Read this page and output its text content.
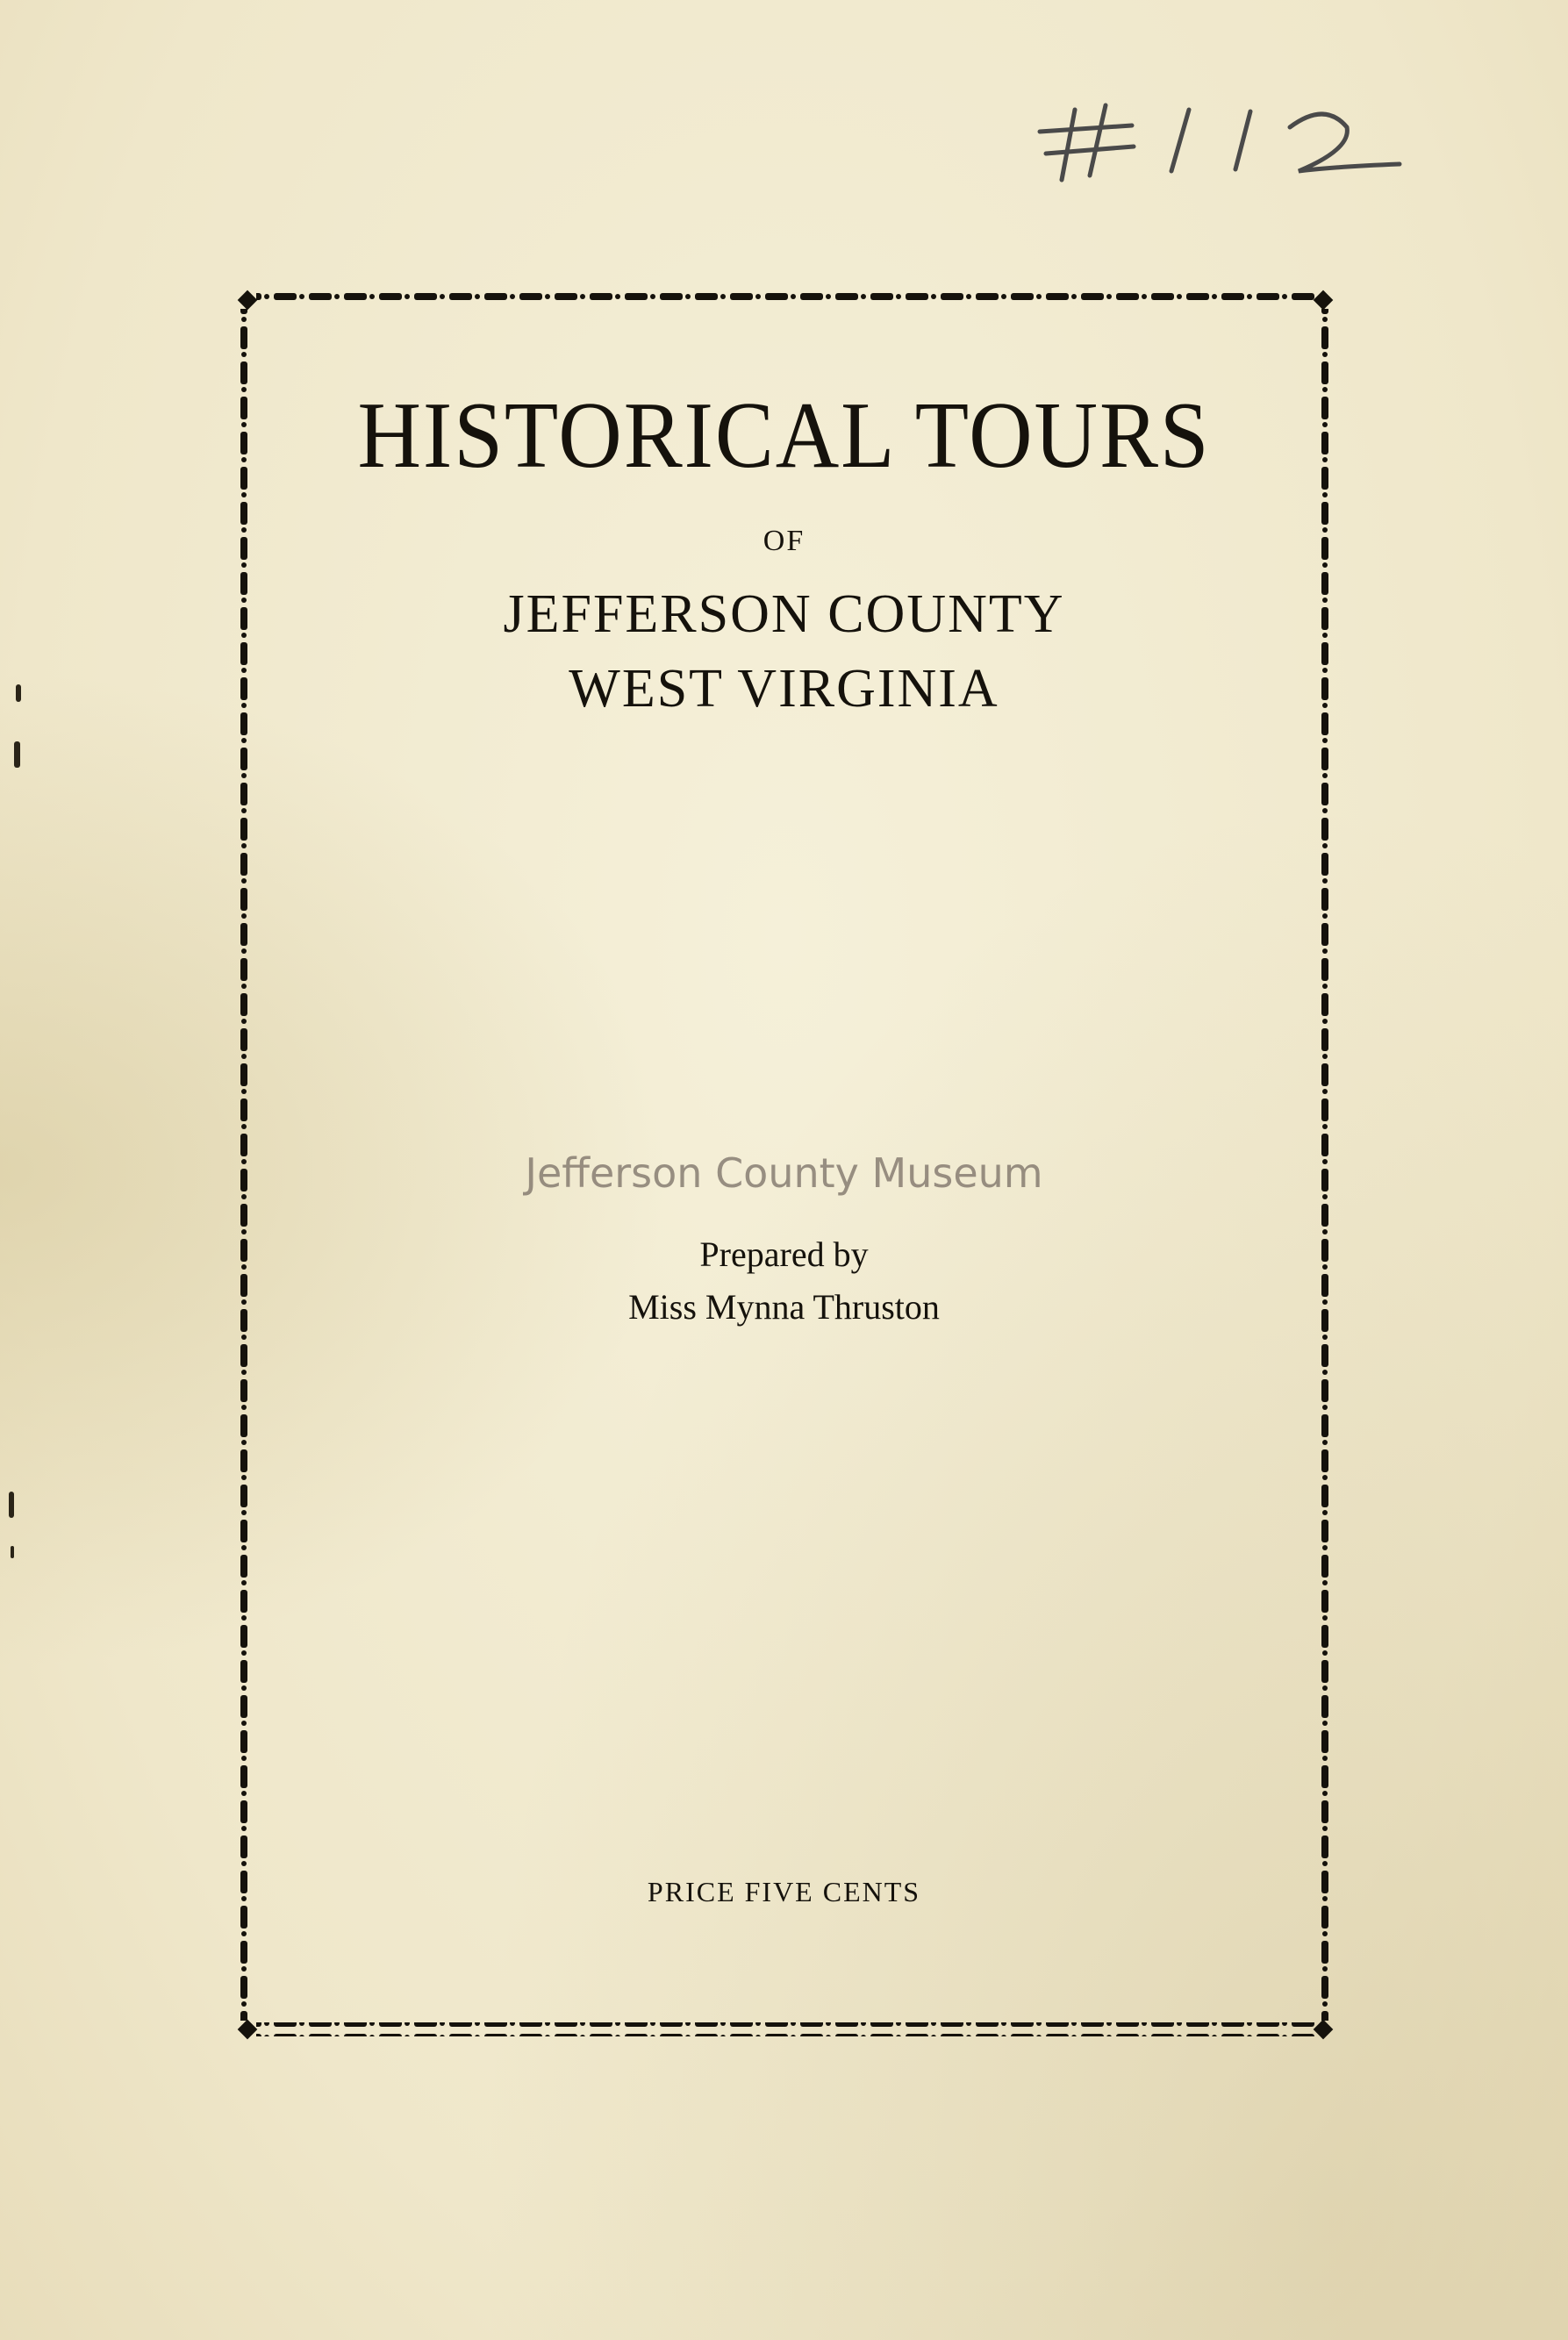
HISTORICAL TOURS
OF
JEFFERSON COUNTY
WEST VIRGINIA
Jefferson County Museum
Prepared by
Miss Mynna Thruston
PRICE FIVE CENTS
